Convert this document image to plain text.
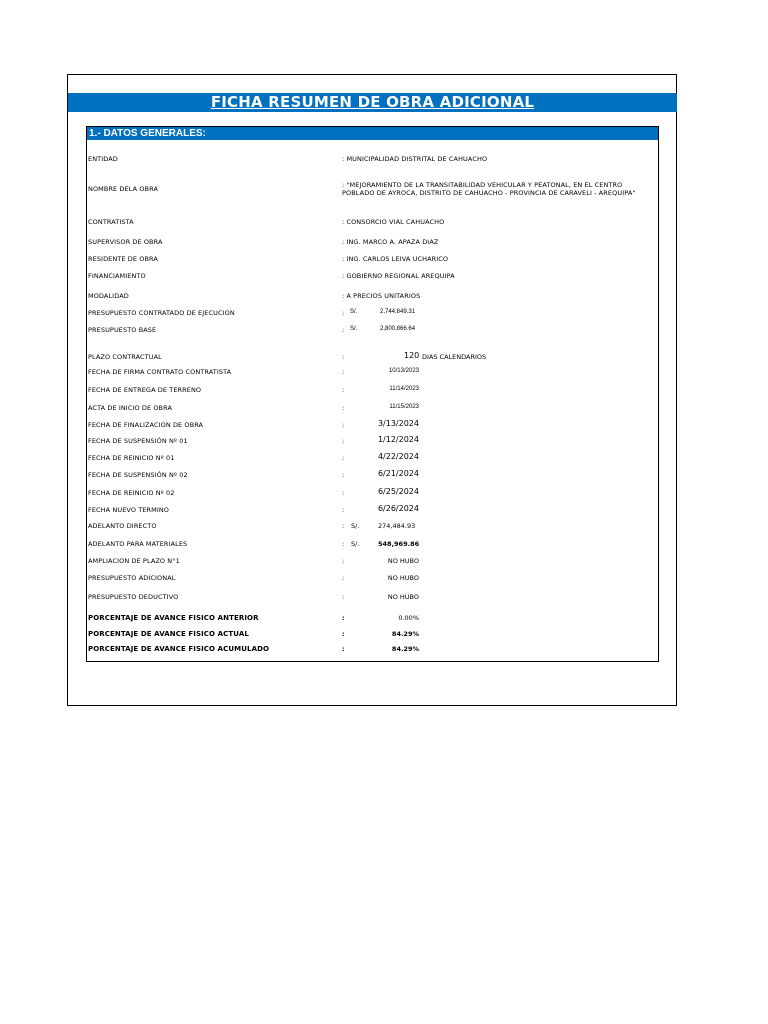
FICHA RESUMEN DE OBRA ADICIONAL
1.- DATOS GENERALES:
ENTIDAD	: MUNICIPALIDAD DISTRITAL DE CAHUACHO
NOMBRE DELA OBRA	: "MEJORAMIENTO DE LA TRANSITABILIDAD VEHICULAR Y PEATONAL, EN EL CENTRO
POBLADO DE AYROCA, DISTRITO DE CAHUACHO - PROVINCIA DE CARAVELI - AREQUIPA"
CONTRATISTA	: CONSORCIO VIAL CAHUACHO
SUPERVISOR DE OBRA	: ING. MARCO A. APAZA DIAZ
RESIDENTE DE OBRA	: ING. CARLOS LEIVA UCHARICO
FINANCIAMIENTO	: GOBIERNO REGIONAL AREQUIPA
MODALIDAD	: A PRECIOS UNITARIOS
PRESUPUESTO CONTRATADO DE EJECUCION	: S/.	2,744,849.31
PRESUPUESTO BASE	: S/.	2,800,866.64
PLAZO CONTRACTUAL	:	120 DIAS CALENDARIOS
FECHA DE FIRMA CONTRATO CONTRATISTA	:	10/13/2023
FECHA DE ENTREGA DE TERRENO	:	11/14/2023
ACTA DE INICIO DE OBRA	:	11/15/2023
FECHA DE FINALIZACION DE OBRA	:	3/13/2024
FECHA DE SUSPENSIÓN Nº 01	:	1/12/2024
FECHA DE REINICIO Nº 01	:	4/22/2024
FECHA DE SUSPENSIÓN Nº 02	:	6/21/2024
FECHA DE REINICIO Nº 02	:	6/25/2024
FECHA NUEVO TERMINO	:	6/26/2024
ADELANTO DIRECTO	: S/.	274,484.93
ADELANTO PARA MATERIALES	: S/.	548,969.86
AMPLIACION DE PLAZO N°1	:	NO HUBO
PRESUPUESTO ADICIONAL	:	NO HUBO
PRESUPUESTO DEDUCTIVO	:	NO HUBO
PORCENTAJE DE AVANCE FISICO ANTERIOR	:	0.00%
PORCENTAJE DE AVANCE FISICO ACTUAL	:	84.29%
PORCENTAJE DE AVANCE FISICO ACUMULADO	:	84.29%
